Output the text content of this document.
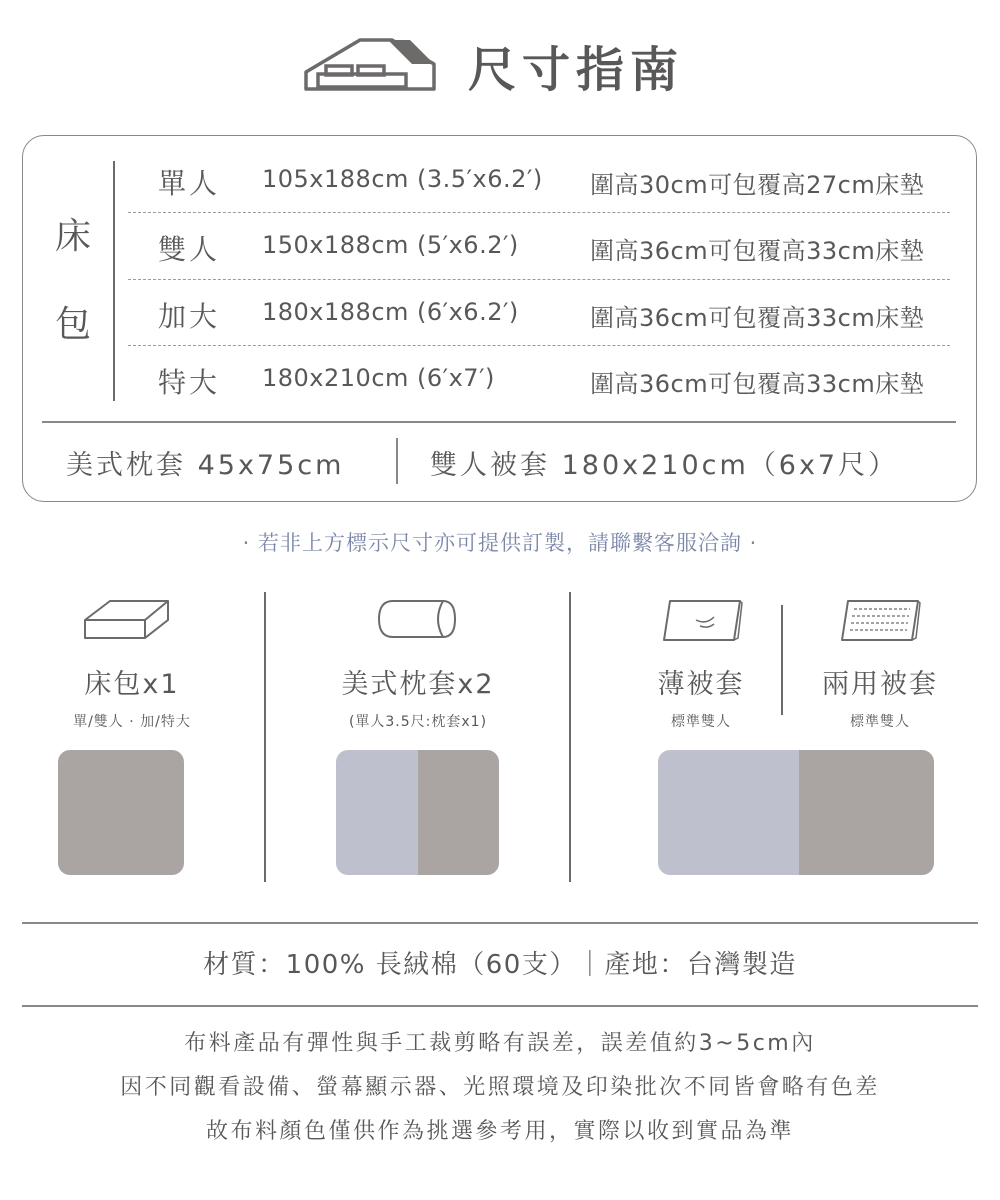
尺寸指南
床
包
單人 105x188cm (3.5′x6.2′) 圍高30cm可包覆高27cm床墊
雙人 150x188cm (5′x6.2′)	圍高36cm可包覆高33cm床墊
加大 180x188cm (6′x6.2′)	圍高36cm可包覆高33cm床墊
特大 180x210cm (6′x7′)	圍高36cm可包覆高33cm床墊
美式枕套 45x75cm	雙人被套 180x210cm（6x7尺）
· 若非上方標示尺寸亦可提供訂製，請聯繫客服洽詢 ·
床包x1
單/雙人 · 加/特大
美式枕套x2
(單人3.5尺:枕套x1)
薄被套
標準雙人
兩用被套
標準雙人
材質：100% 長絨棉（60支）｜產地：台灣製造
布料產品有彈性與手工裁剪略有誤差，誤差值約3~5cm內
因不同觀看設備、螢幕顯示器、光照環境及印染批次不同皆會略有色差
故布料顏色僅供作為挑選參考用，實際以收到實品為準
